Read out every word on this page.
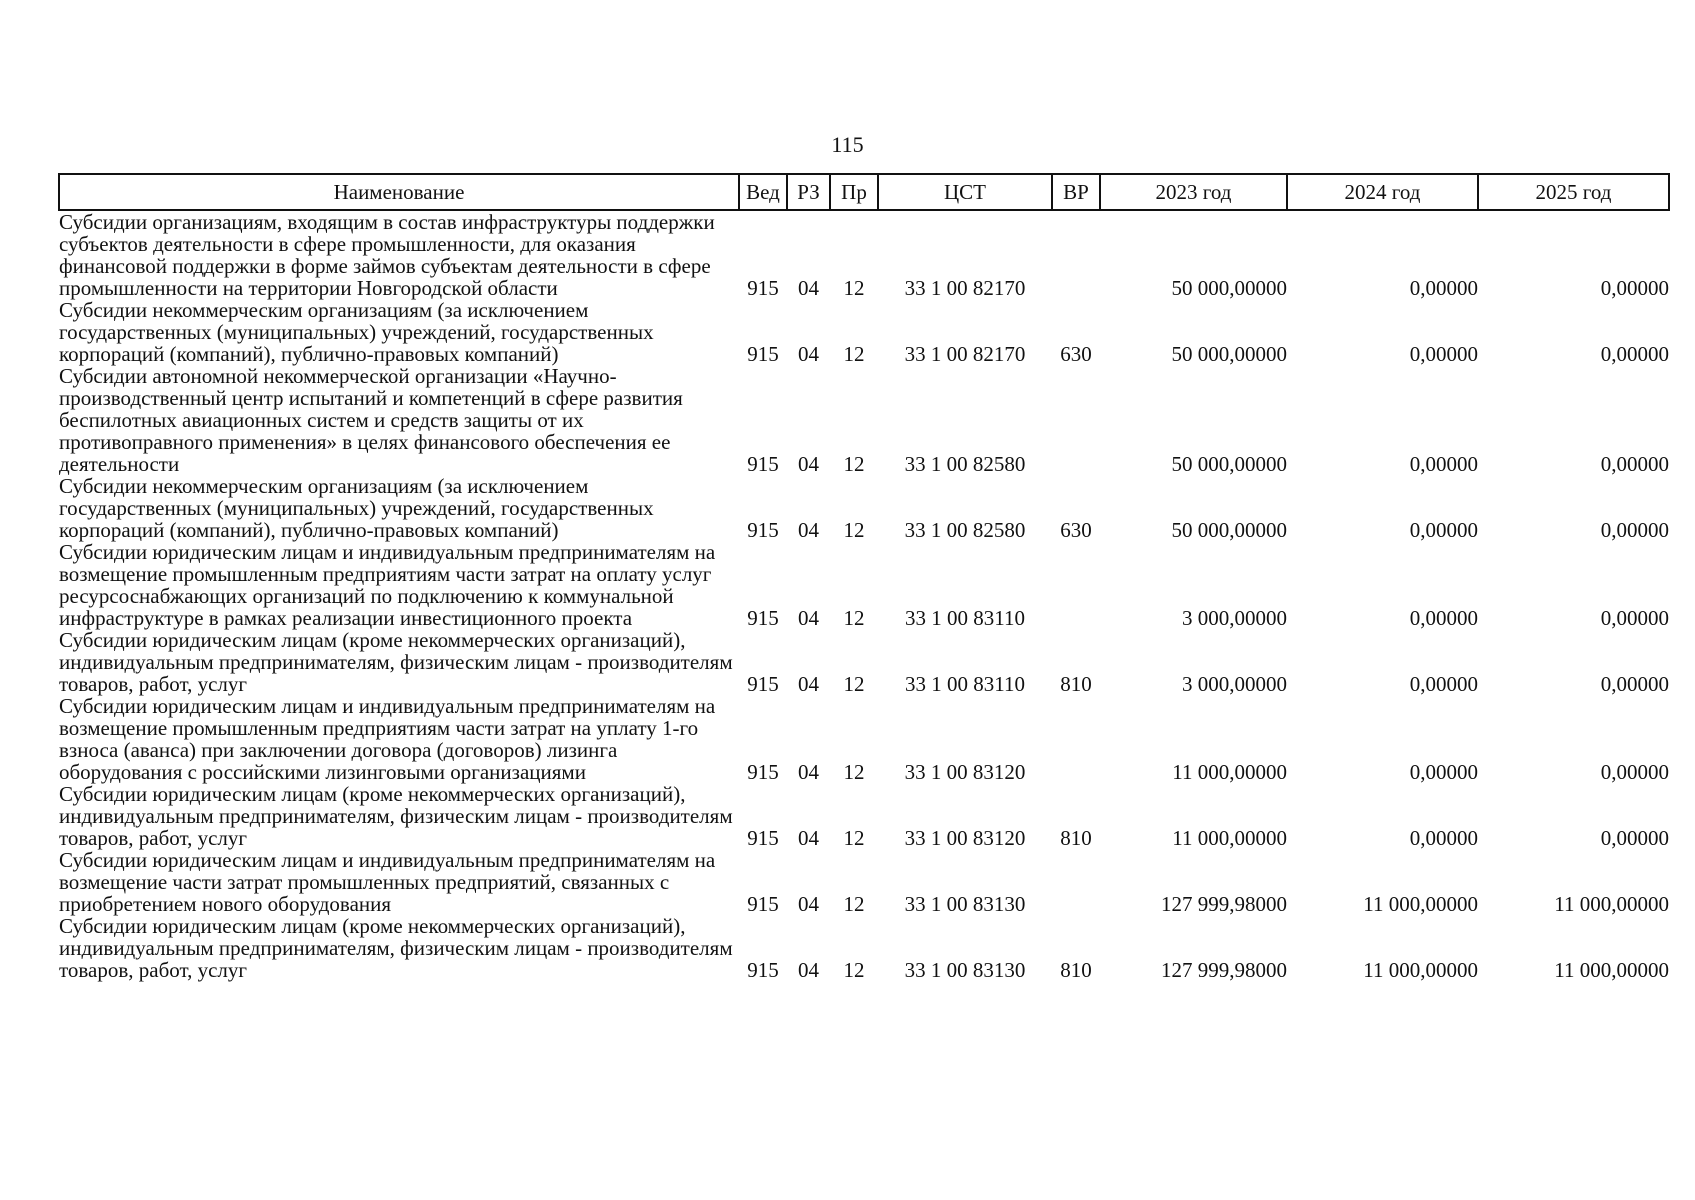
115
Наименование	Вед	РЗ	Пр	ЦСТ	ВР	2023 год	2024 год	2025 год
Субсидии организациям, входящим в состав инфраструктуры поддержки субъектов деятельности в сфере промышленности, для оказания финансовой поддержки в форме займов субъектам деятельности в сфере промышленности на территории Новгородской области	915	04	12	33 1 00 82170		50 000,00000	0,00000	0,00000
Субсидии некоммерческим организациям (за исключением государственных (муниципальных) учреждений, государственных корпораций (компаний), публично-правовых компаний)	915	04	12	33 1 00 82170	630	50 000,00000	0,00000	0,00000
Субсидии автономной некоммерческой организации «Научно-производственный центр испытаний и компетенций в сфере развития беспилотных авиационных систем и средств защиты от их противоправного применения» в целях финансового обеспечения ее деятельности	915	04	12	33 1 00 82580		50 000,00000	0,00000	0,00000
Субсидии некоммерческим организациям (за исключением государственных (муниципальных) учреждений, государственных корпораций (компаний), публично-правовых компаний)	915	04	12	33 1 00 82580	630	50 000,00000	0,00000	0,00000
Субсидии юридическим лицам и индивидуальным предпринимателям на возмещение промышленным предприятиям части затрат на оплату услуг ресурсоснабжающих организаций по подключению к коммунальной инфраструктуре в рамках реализации инвестиционного проекта	915	04	12	33 1 00 83110		3 000,00000	0,00000	0,00000
Субсидии юридическим лицам (кроме некоммерческих организаций), индивидуальным предпринимателям, физическим лицам - производителям товаров, работ, услуг	915	04	12	33 1 00 83110	810	3 000,00000	0,00000	0,00000
Субсидии юридическим лицам и индивидуальным предпринимателям на возмещение промышленным предприятиям части затрат на уплату 1-го взноса (аванса) при заключении договора (договоров) лизинга оборудования с российскими лизинговыми организациями	915	04	12	33 1 00 83120		11 000,00000	0,00000	0,00000
Субсидии юридическим лицам (кроме некоммерческих организаций), индивидуальным предпринимателям, физическим лицам - производителям товаров, работ, услуг	915	04	12	33 1 00 83120	810	11 000,00000	0,00000	0,00000
Субсидии юридическим лицам и индивидуальным предпринимателям на возмещение части затрат промышленных предприятий, связанных с приобретением нового оборудования	915	04	12	33 1 00 83130		127 999,98000	11 000,00000	11 000,00000
Субсидии юридическим лицам (кроме некоммерческих организаций), индивидуальным предпринимателям, физическим лицам - производителям товаров, работ, услуг	915	04	12	33 1 00 83130	810	127 999,98000	11 000,00000	11 000,00000
